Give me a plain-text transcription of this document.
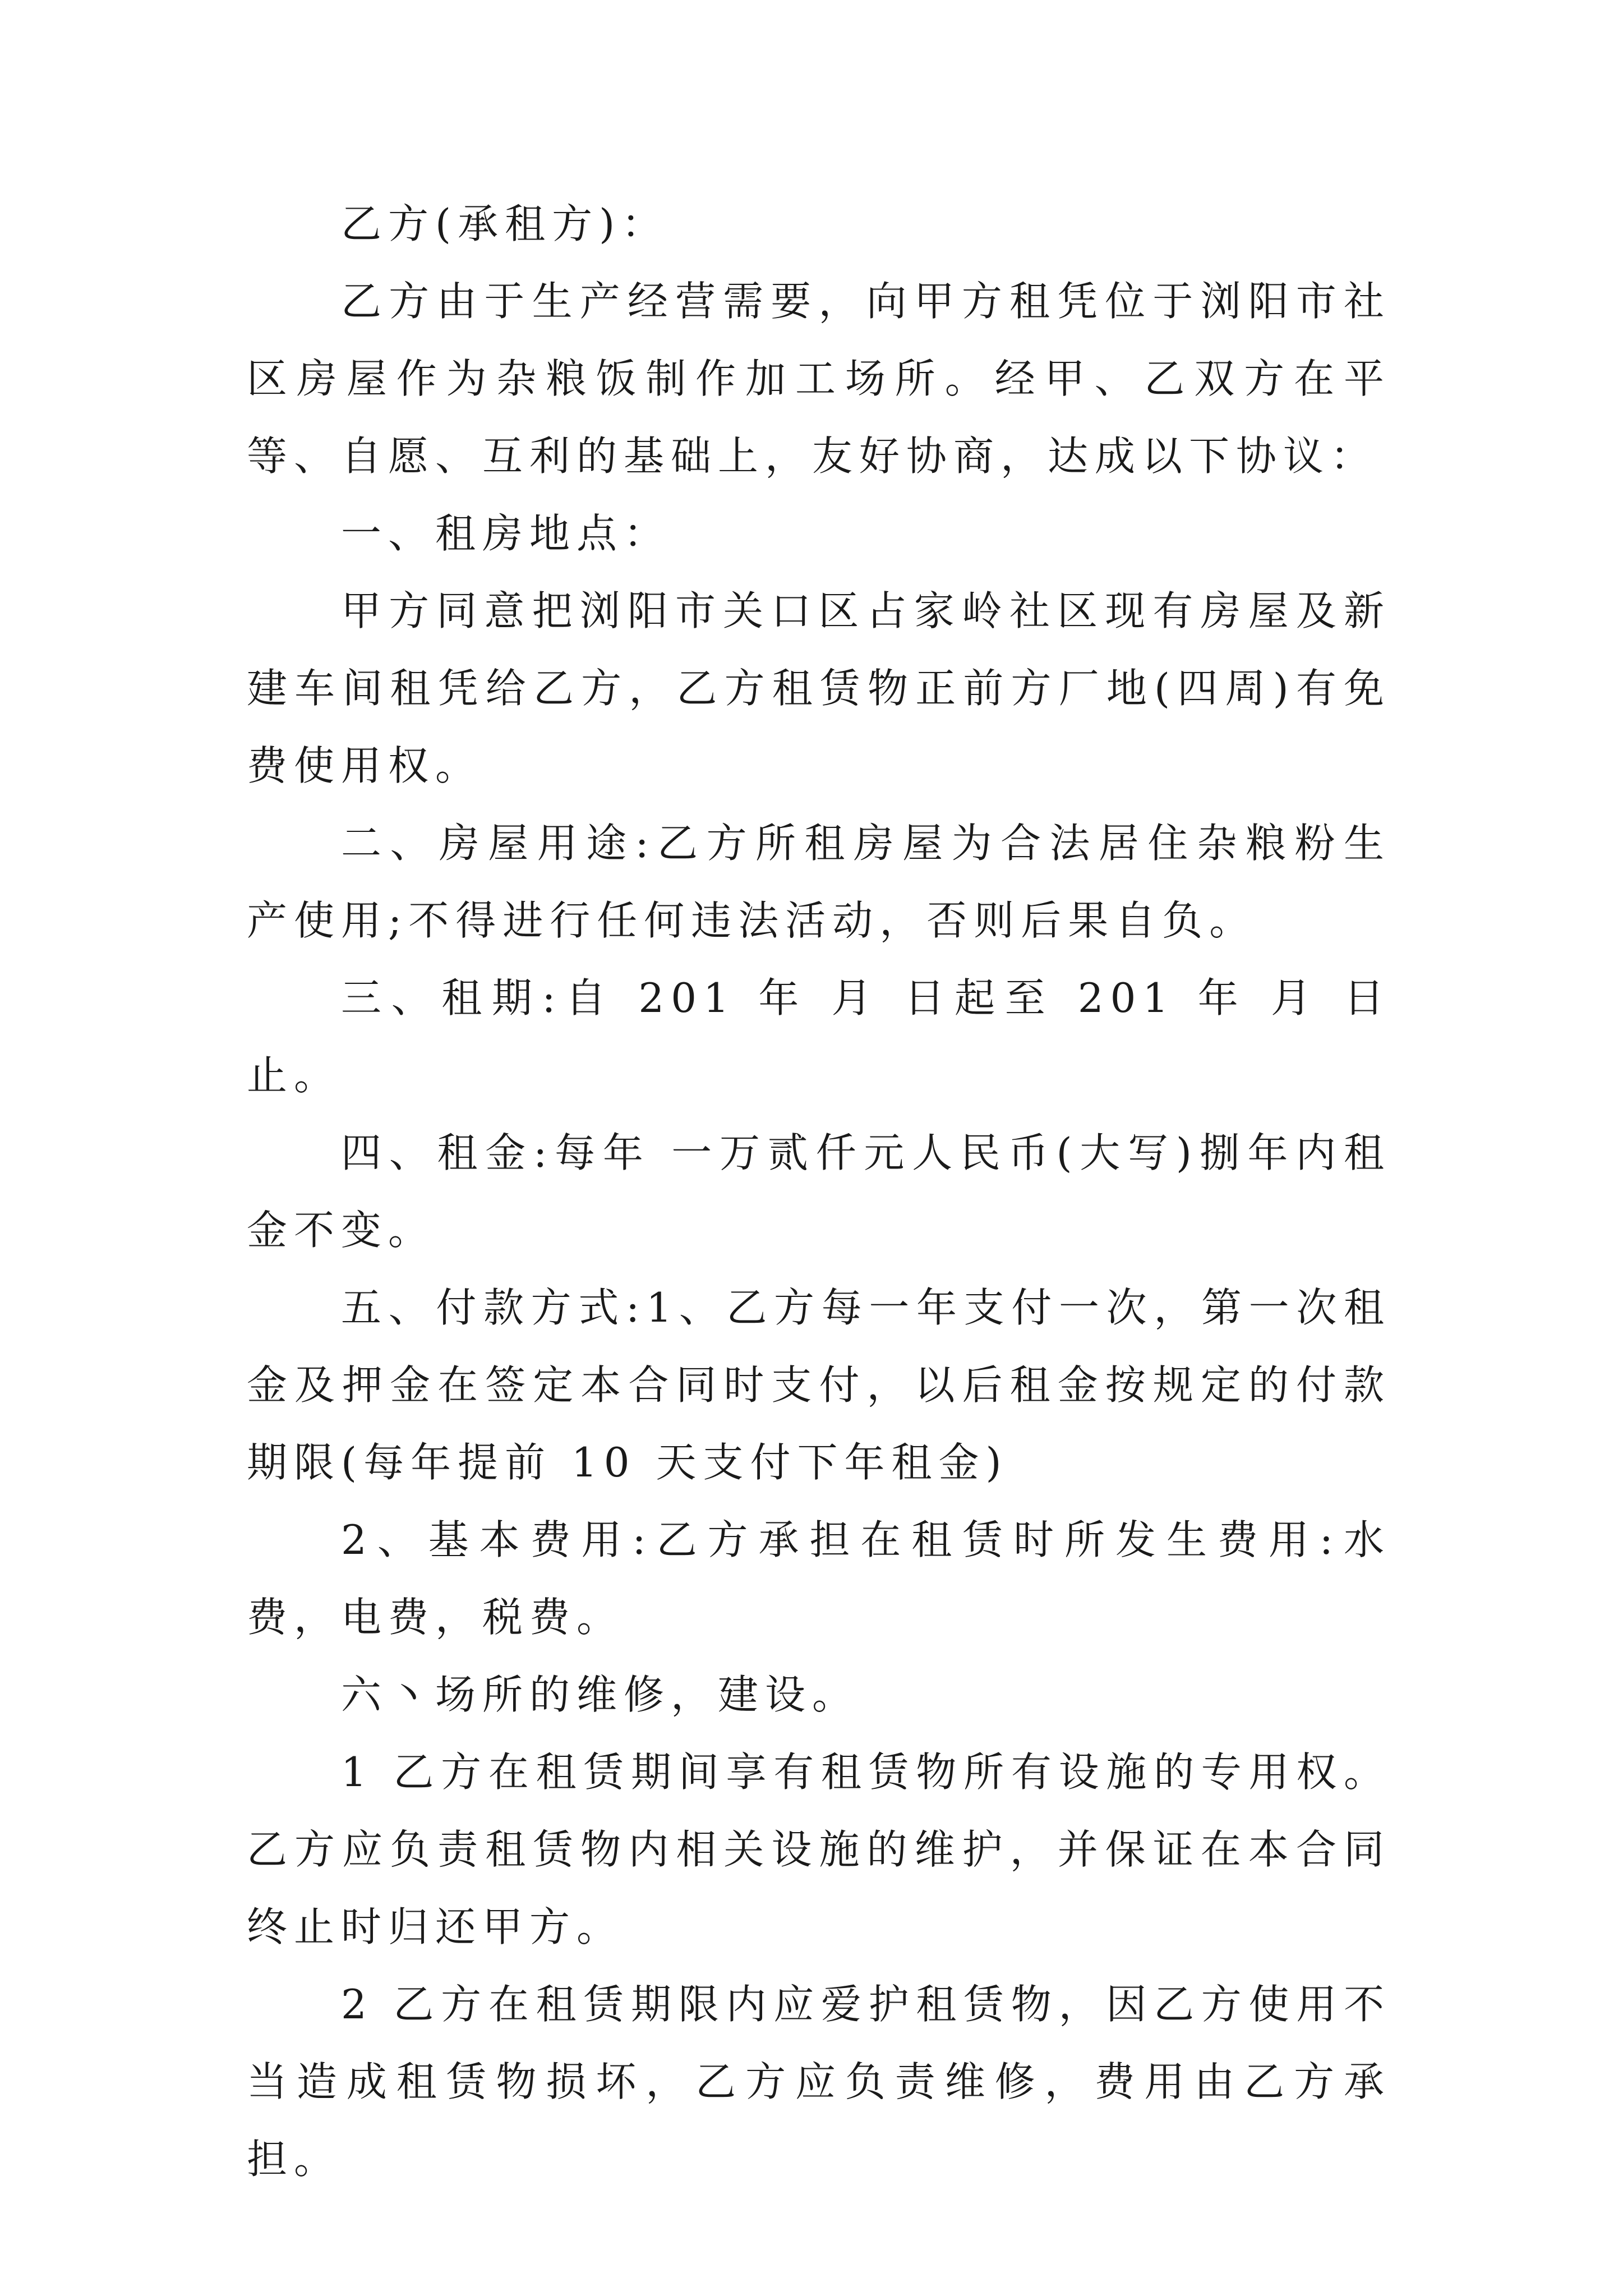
乙方(承租方)：

乙方由于生产经营需要，向甲方租凭位于浏阳市社区房屋作为杂粮饭制作加工场所。经甲、乙双方在平等、自愿、互利的基础上，友好协商，达成以下协议：

一、租房地点：

甲方同意把浏阳市关口区占家岭社区现有房屋及新建车间租凭给乙方，乙方租赁物正前方厂地(四周)有免费使用权。

二、房屋用途:乙方所租房屋为合法居住杂粮粉生产使用;不得进行任何违法活动，否则后果自负。

三、租期:自 201 年 月 日起至 201 年 月 日止。

四、租金:每年 一万贰仟元人民币(大写)捌年内租金不变。

五、付款方式:1、乙方每一年支付一次，第一次租金及押金在签定本合同时支付，以后租金按规定的付款期限(每年提前 10 天支付下年租金)

2、基本费用:乙方承担在租赁时所发生费用:水费，电费，税费。

六丶场所的维修，建设。

1 乙方在租赁期间享有租赁物所有设施的专用权。乙方应负责租赁物内相关设施的维护，并保证在本合同终止时归还甲方。

2 乙方在租赁期限内应爱护租赁物，因乙方使用不当造成租赁物损坏，乙方应负责维修，费用由乙方承担。
